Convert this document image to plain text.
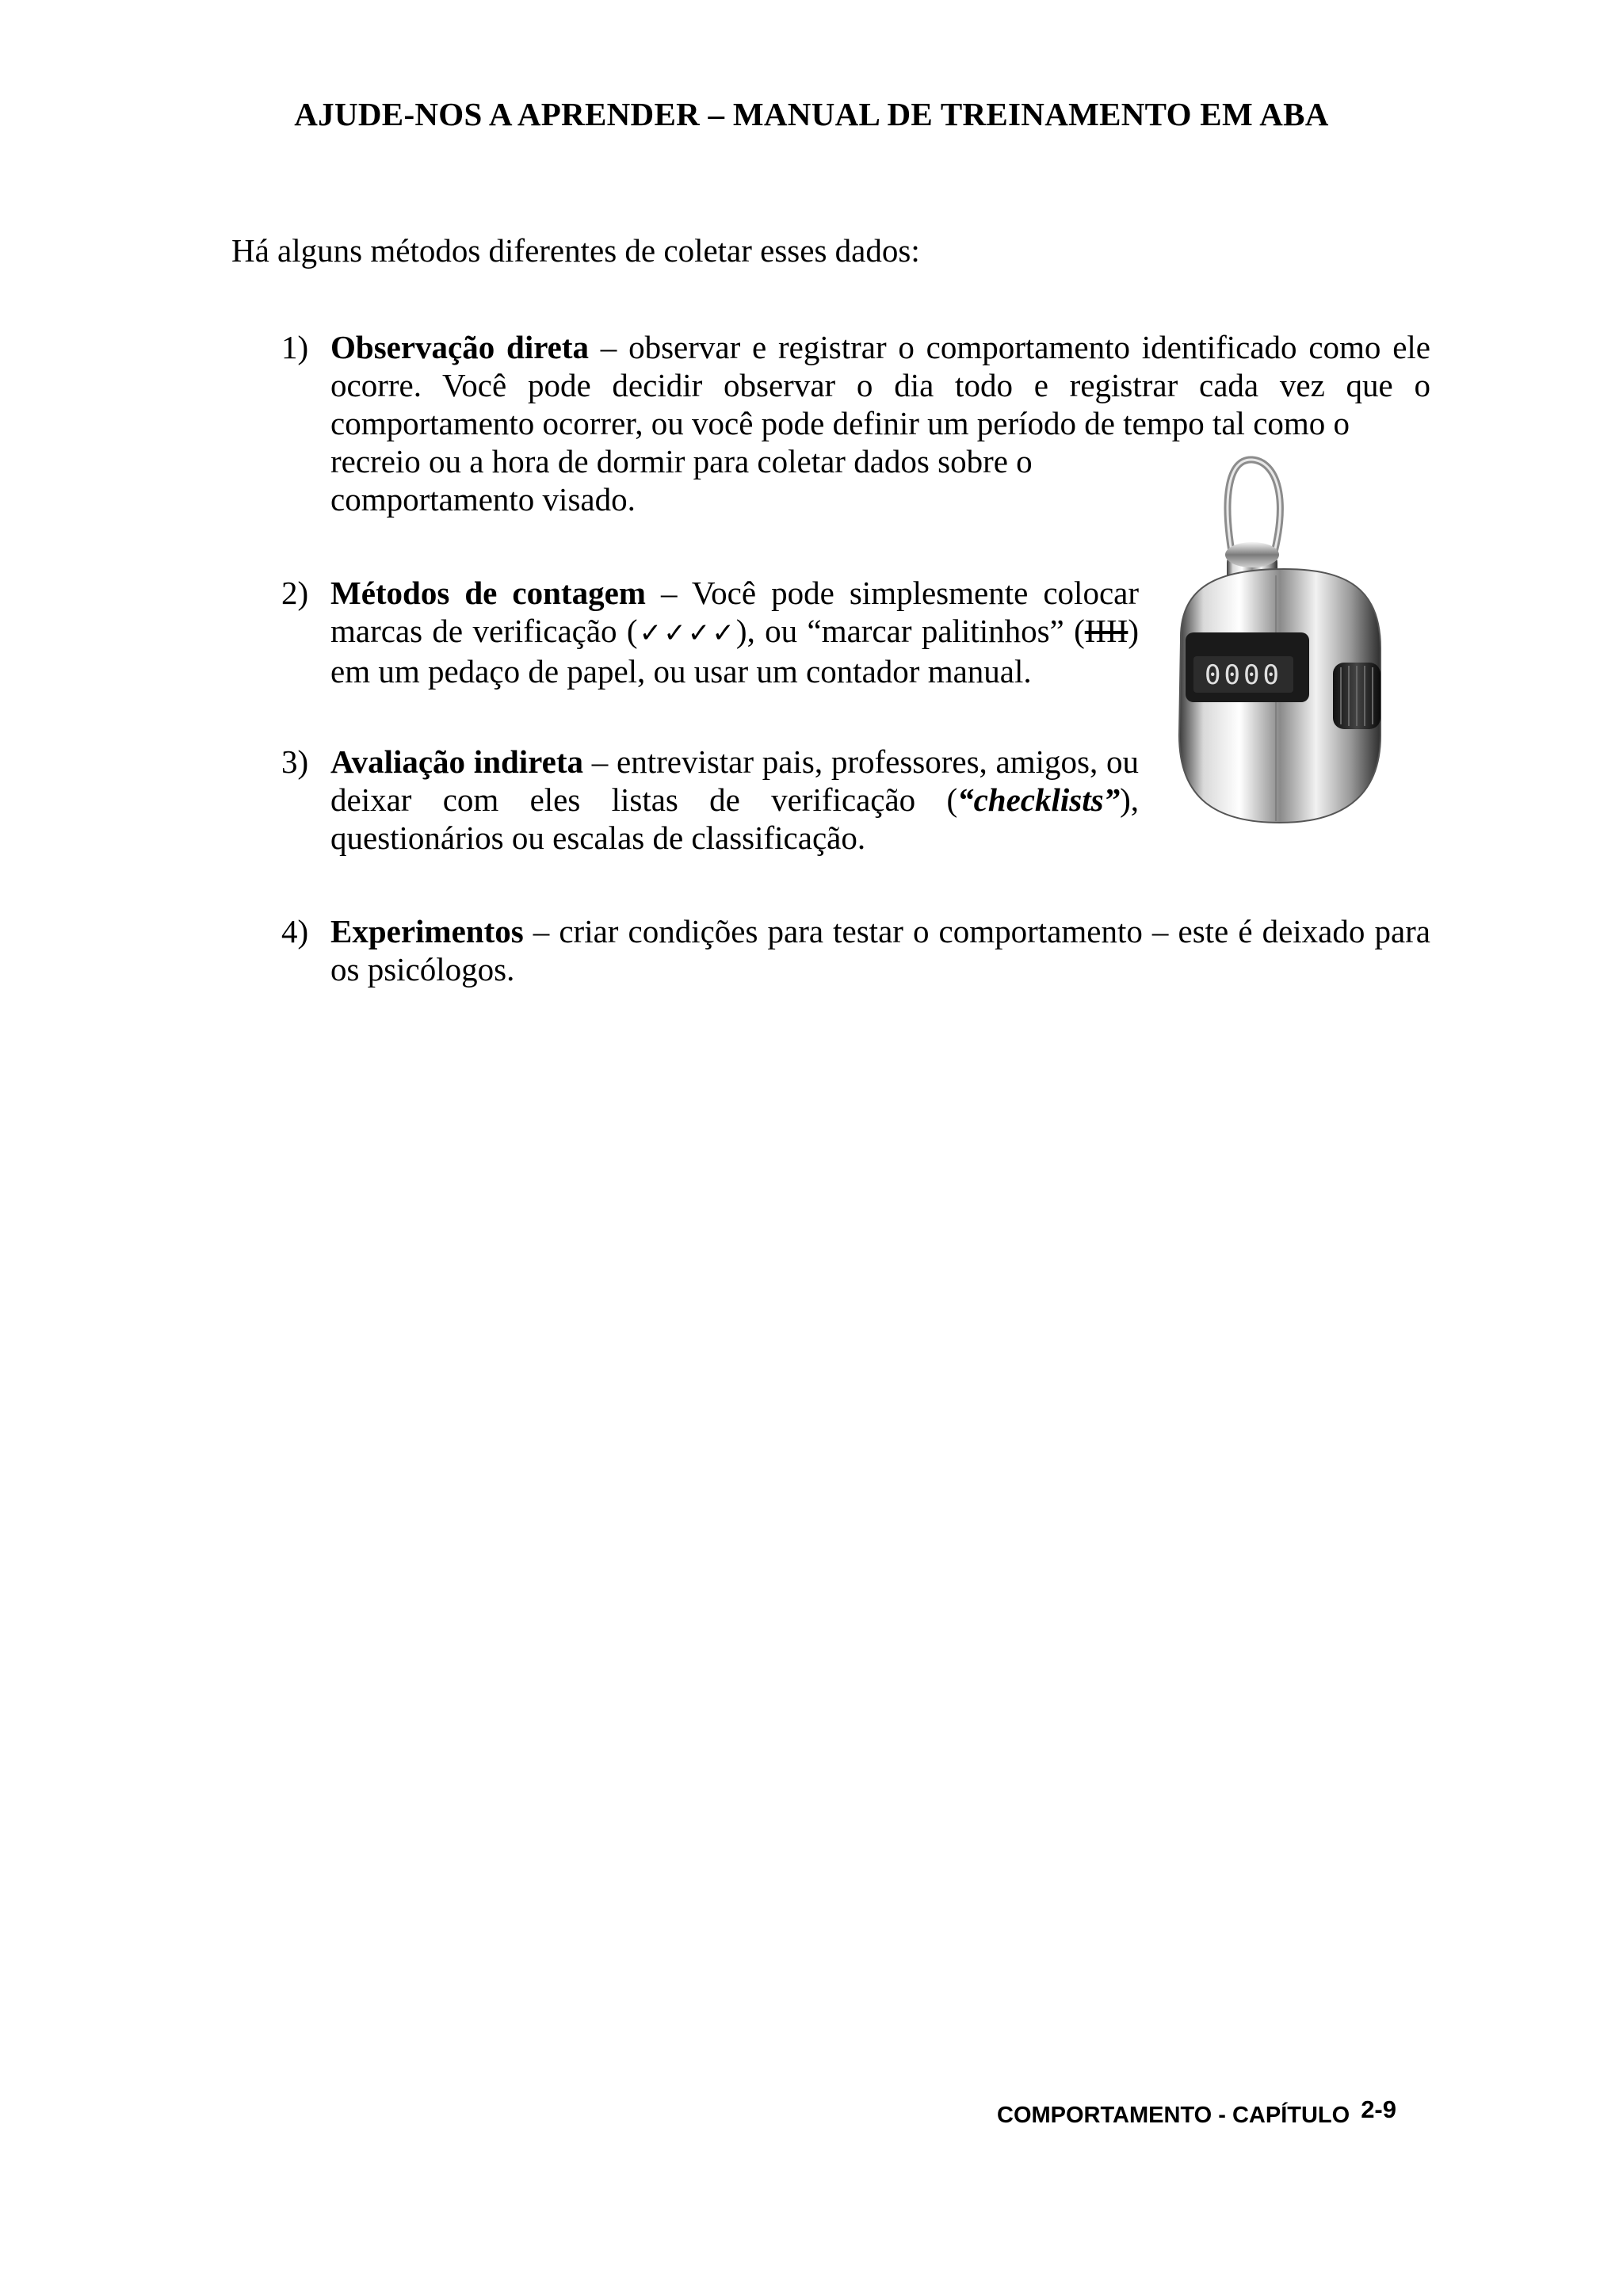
AJUDE-NOS A APRENDER – MANUAL DE TREINAMENTO EM ABA
Há alguns métodos diferentes de coletar esses dados:
1) Observação direta – observar e registrar o comportamento identificado como ele ocorre. Você pode decidir observar o dia todo e registrar cada vez que o comportamento ocorrer, ou você pode definir um período de tempo tal como o
recreio ou a hora de dormir para coletar dados sobre o
comportamento visado.
2) Métodos de contagem – Você pode simplesmente colocar marcas de verificação (✓✓✓✓), ou “marcar palitinhos” (IIII) em um pedaço de papel, ou usar um contador manual.
3) Avaliação indireta – entrevistar pais, professores, amigos, ou deixar com eles listas de verificação (“checklists”), questionários ou escalas de classificação.
4) Experimentos – criar condições para testar o comportamento – este é deixado para os psicólogos.
0000
COMPORTAMENTO - CAPÍTULO 2-9
